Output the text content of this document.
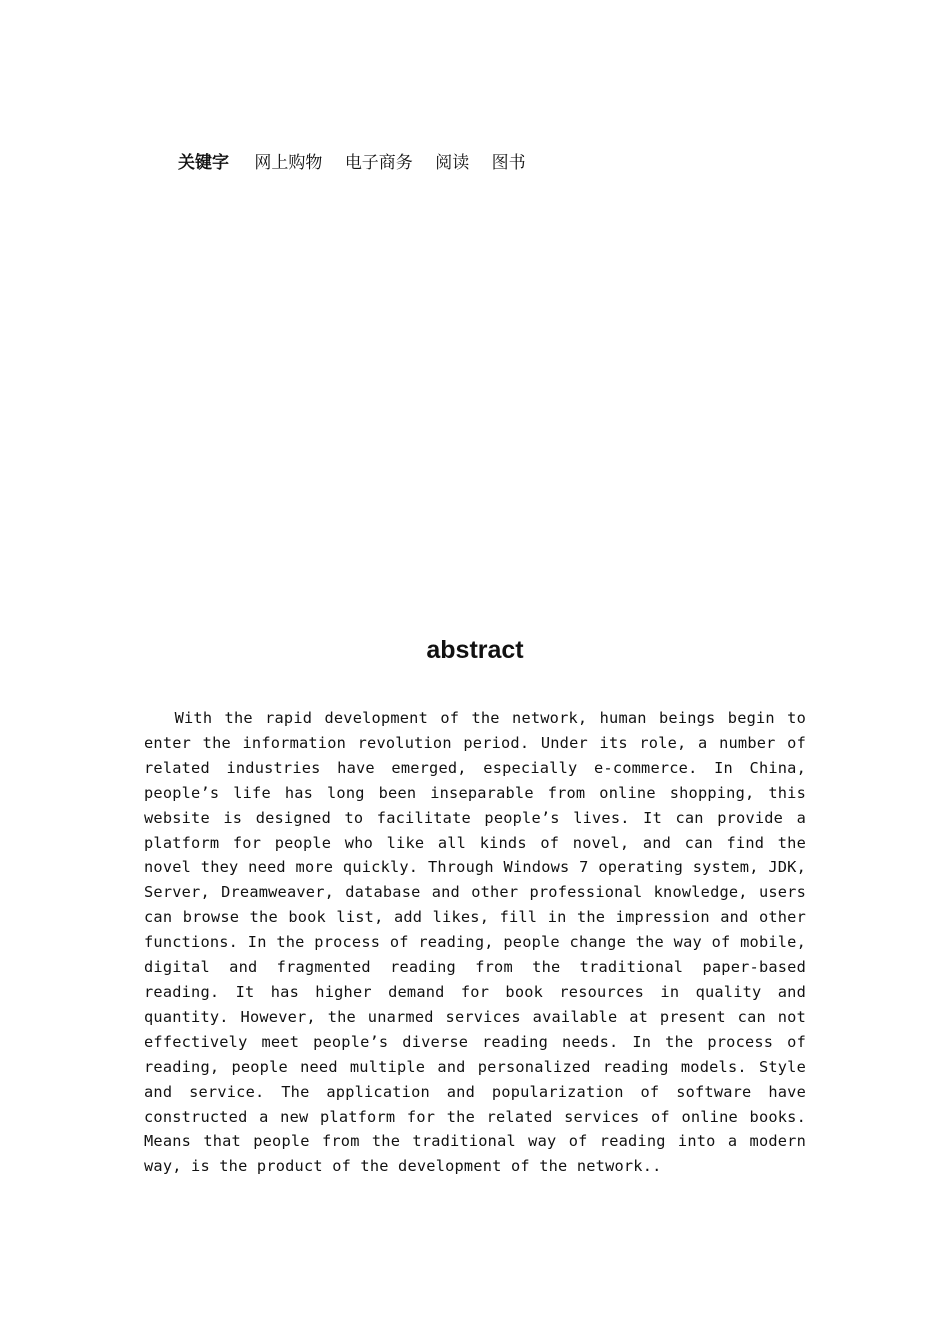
关键字 网上购物 电子商务 阅读 图书
abstract

With the rapid development of the network, human beings begin to enter the information revolution period. Under its role, a number of related industries have emerged, especially e-commerce. In China, people’s life has long been inseparable from online shopping, this website is designed to facilitate people’s lives. It can provide a platform for people who like all kinds of novel, and can find the novel they need more quickly. Through Windows 7 operating system, JDK, Server, Dreamweaver, database and other professional knowledge, users can browse the book list, add likes, fill in the impression and other functions. In the process of reading, people change the way of mobile, digital and fragmented reading from the traditional paper-based reading. It has higher demand for book resources in quality and quantity. However, the unarmed services available at present can not effectively meet people’s diverse reading needs. In the process of reading, people need multiple and personalized reading models. Style and service. The application and popularization of software have constructed a new platform for the related services of online books. Means that people from the traditional way of reading into a modern way, is the product of the development of the network..
